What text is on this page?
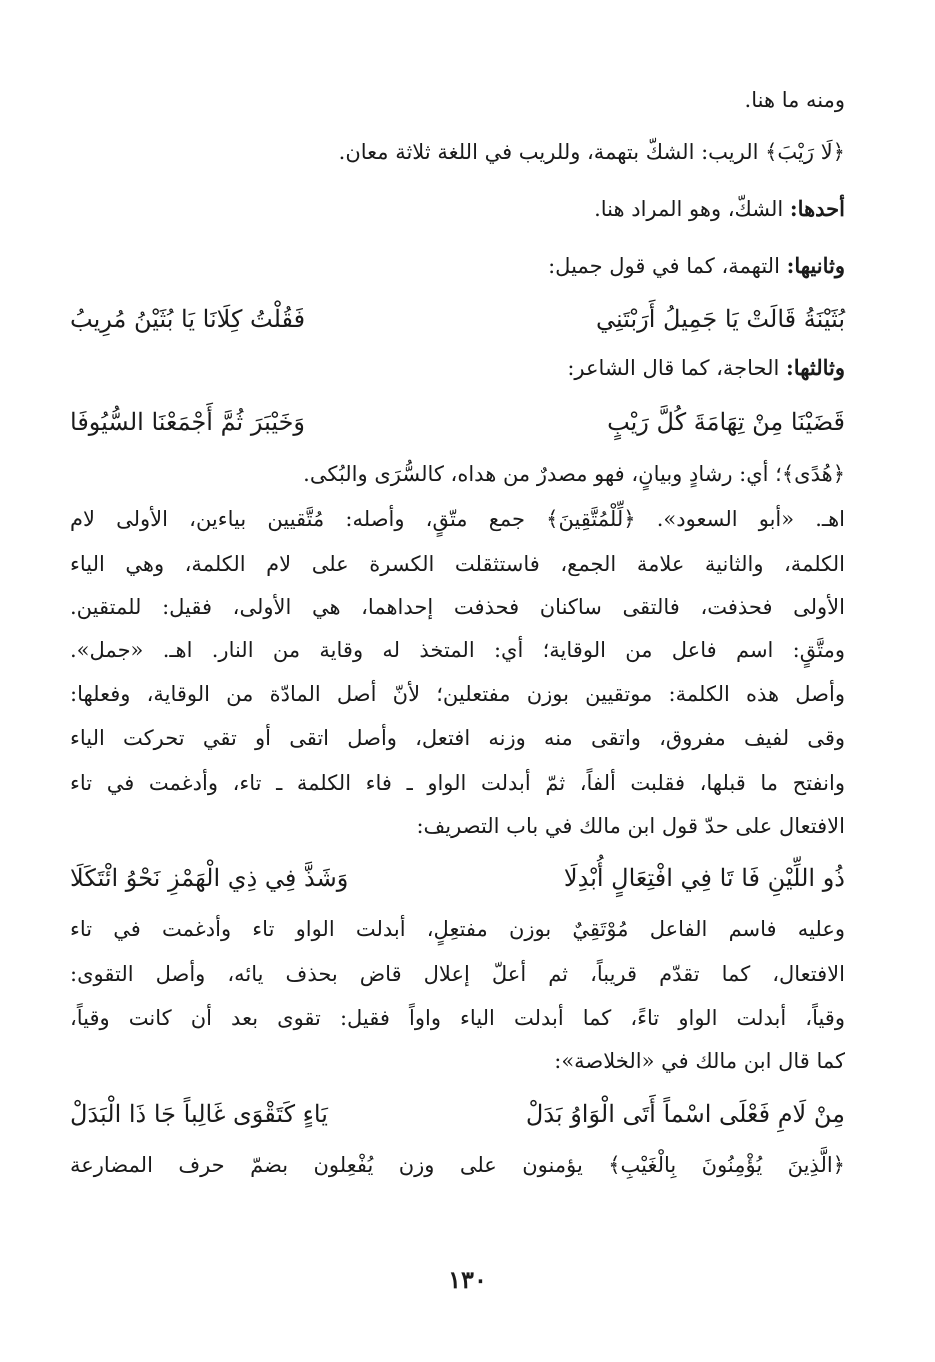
ومنه ما هنا.
﴿لَا رَيْبَ﴾ الريب: الشكّ بتهمة، وللريب في اللغة ثلاثة معان.
أحدها: الشكّ، وهو المراد هنا.
وثانيها: التهمة، كما في قول جميل:
بُثَيْنَةُ قَالَتْ يَا جَمِيلُ أَرَبْتَنِي
فَقُلْتُ كِلَانَا يَا بُثَيْنُ مُرِيبُ
وثالثها: الحاجة، كما قال الشاعر:
قَضَيْنَا مِنْ تِهَامَةَ كُلَّ رَيْبٍ
وَخَيْبَرَ ثُمَّ أَجْمَعْنَا السُّيُوفَا
﴿هُدًى﴾؛ أي: رشادٍ وبيانٍ، فهو مصدرٌ من هداه، كالسُّرَى والبُكى.
اهـ. «أبو السعود». ﴿لِّلْمُتَّقِينَ﴾ جمع متّقٍ، وأصله: مُتَّقيين بياءين، الأولى لام
الكلمة، والثانية علامة الجمع، فاستثقلت الكسرة على لام الكلمة، وهي الياء
الأولى فحذفت، فالتقى ساكنان فحذفت إحداهما، هي الأولى، فقيل: للمتقين.
ومتَّقٍ: اسم فاعل من الوقاية؛ أي: المتخذ له وقاية من النار. اهـ. «جمل».
وأصل هذه الكلمة: موتقيين بوزن مفتعلين؛ لأنّ أصل المادّة من الوقاية، وفعلها:
وقى لفيف مفروق، واتقى منه وزنه افتعل، وأصل اتقى أو تقي تحركت الياء
وانفتح ما قبلها، فقلبت ألفاً، ثمّ أبدلت الواو ـ فاء الكلمة ـ تاء، وأدغمت في تاء
الافتعال على حدّ قول ابن مالك في باب التصريف:
ذُو اللِّيْنِ فَا تَا فِي افْتِعَالٍ أُبْدِلَا
وَشَذَّ فِي ذِي الْهَمْزِ نَحْوُ ائْتَكَلَا
وعليه فاسم الفاعل مُوْتَقِيٌ بوزن مفتعِلٍ، أبدلت الواو تاء وأدغمت في تاء
الافتعال، كما تقدّم قريباً، ثم أعلّ إعلال قاض بحذف يائه، وأصل التقوى:
وقياً، أبدلت الواو تاءً، كما أبدلت الياء واواً فقيل: تقوى بعد أن كانت وقياً،
كما قال ابن مالك في «الخلاصة»:
مِنْ لَامِ فَعْلَى اسْماً أَتَى الْوَاوُ بَدَلْ
يَاءٍ كَتَقْوَى غَالِباً جَا ذَا الْبَدَلْ
﴿الَّذِينَ يُؤْمِنُونَ بِالْغَيْبِ﴾ يؤمنون على وزن يُفْعِلون بضمّ حرف المضارعة
١٣٠
